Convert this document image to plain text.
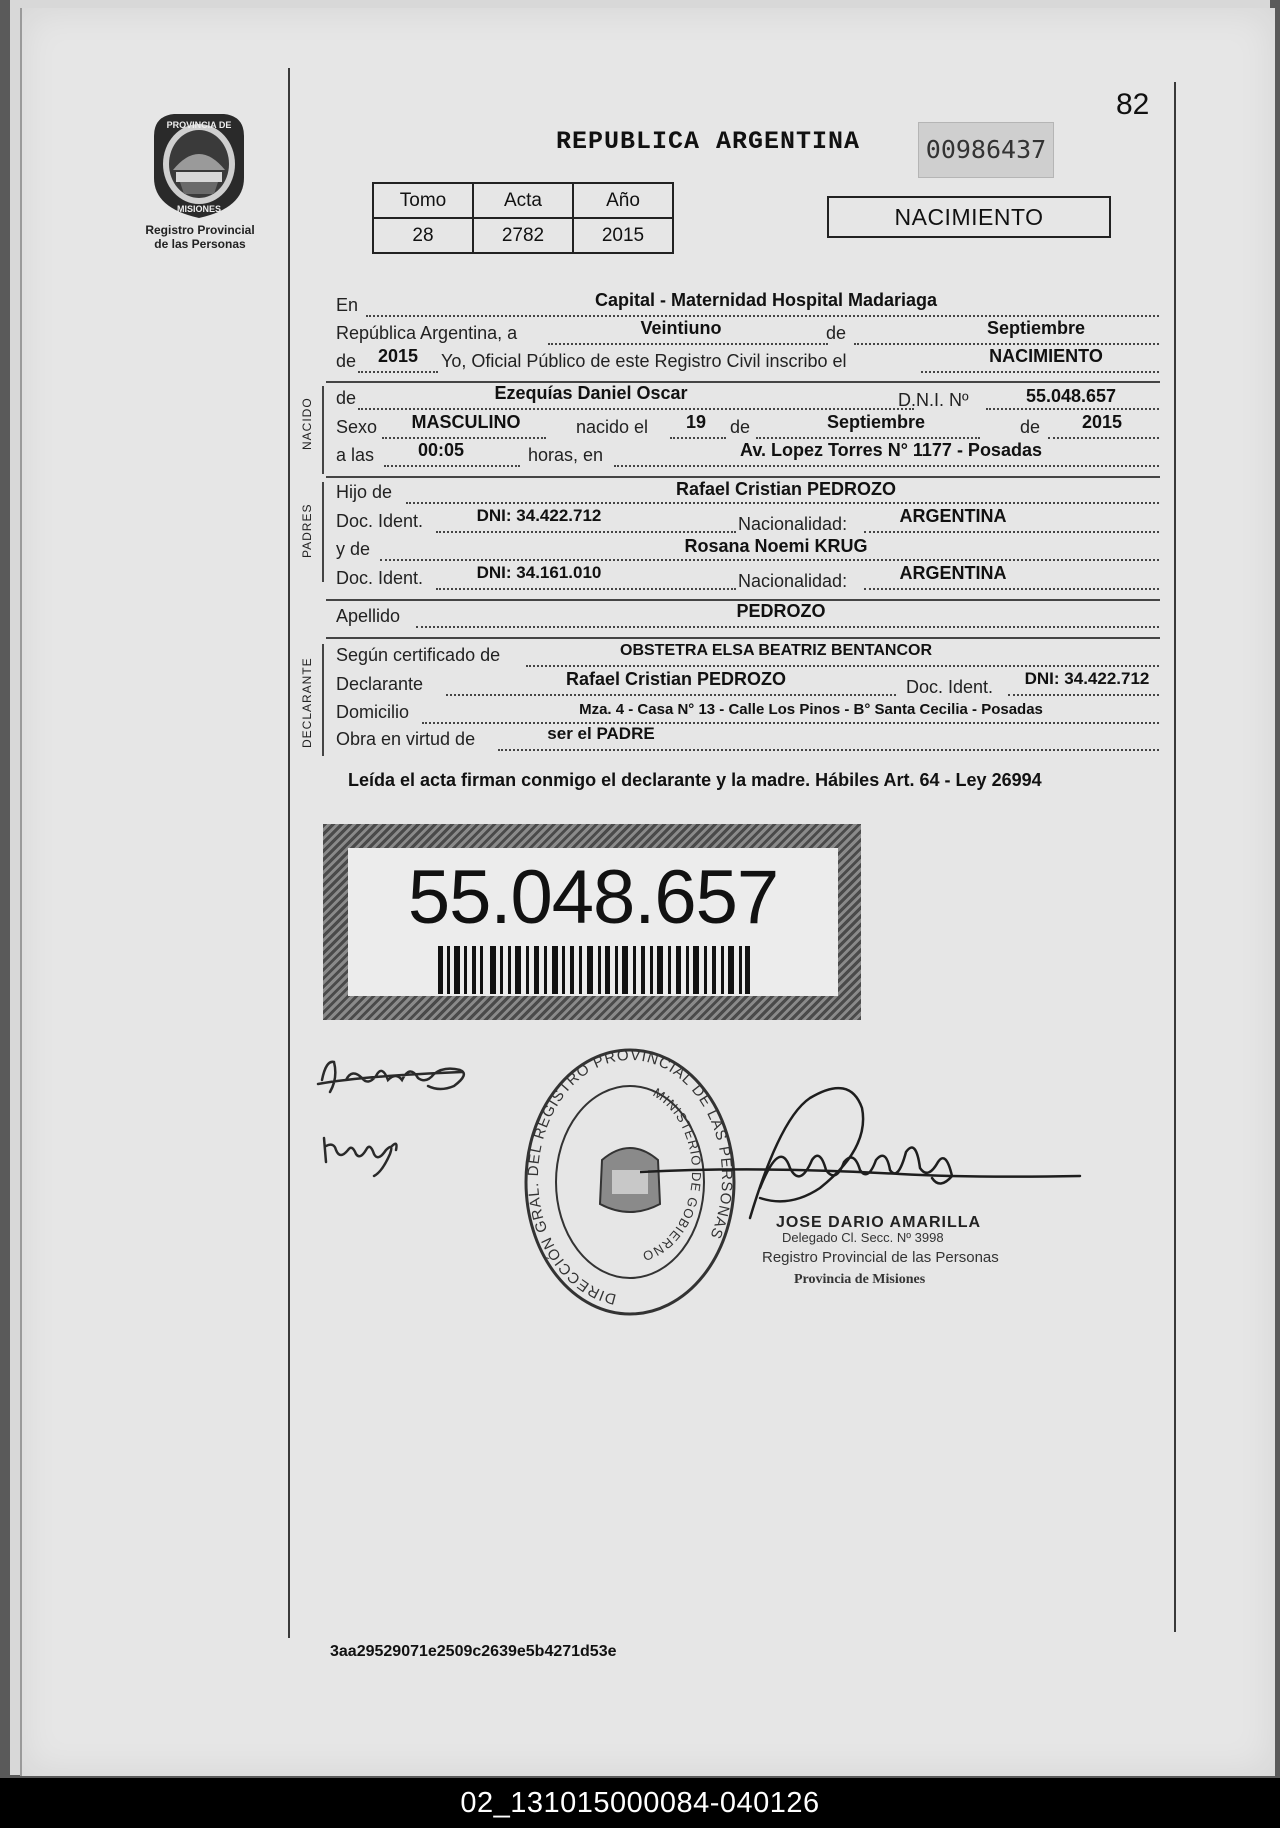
82
REPUBLICA ARGENTINA	00986437
PROVINCIA DE
MISIONES
Registro Provincial
de las Personas
Tomo	Acta	Año
28	2782	2015
NACIMIENTO
En	Capital - Maternidad Hospital Madariaga
República Argentina, a	Veintiuno	de	Septiembre
de	2015	Yo, Oficial Público de este Registro Civil inscribo el	NACIMIENTO
NACIDO de	Ezequías Daniel Oscar	D.N.I. Nº	55.048.657
Sexo	MASCULINO	nacido el	19	de	Septiembre	de	2015
a las	00:05	horas, en	Av. Lopez Torres N° 1177 - Posadas
PADRES
Hijo de	Rafael Cristian PEDROZO
Doc. Ident.	DNI: 34.422.712	Nacionalidad:	ARGENTINA
y de	Rosana Noemi KRUG
Doc. Ident.	DNI: 34.161.010	Nacionalidad:	ARGENTINA
Apellido	PEDROZO
DECLARANTE
Según certificado de	OBSTETRA ELSA BEATRIZ BENTANCOR
Declarante	Rafael Cristian PEDROZO	Doc. Ident.	DNI: 34.422.712
Domicilio	Mza. 4 - Casa N° 13 - Calle Los Pinos - B° Santa Cecilia - Posadas
Obra en virtud de	ser el PADRE
Leída el acta firman conmigo el declarante y la madre. Hábiles Art. 64 - Ley 26994
55.048.657
DIRECCIÓN GRAL. DEL REGISTRO PROVINCIAL DE LAS PERSONAS
MINISTERIO DE GOBIERNO
JOSE DARIO AMARILLA
Delegado Cl. Secc. Nº 3998
Registro Provincial de las Personas
Provincia de Misiones
3aa29529071e2509c2639e5b4271d53e
02_131015000084-040126
